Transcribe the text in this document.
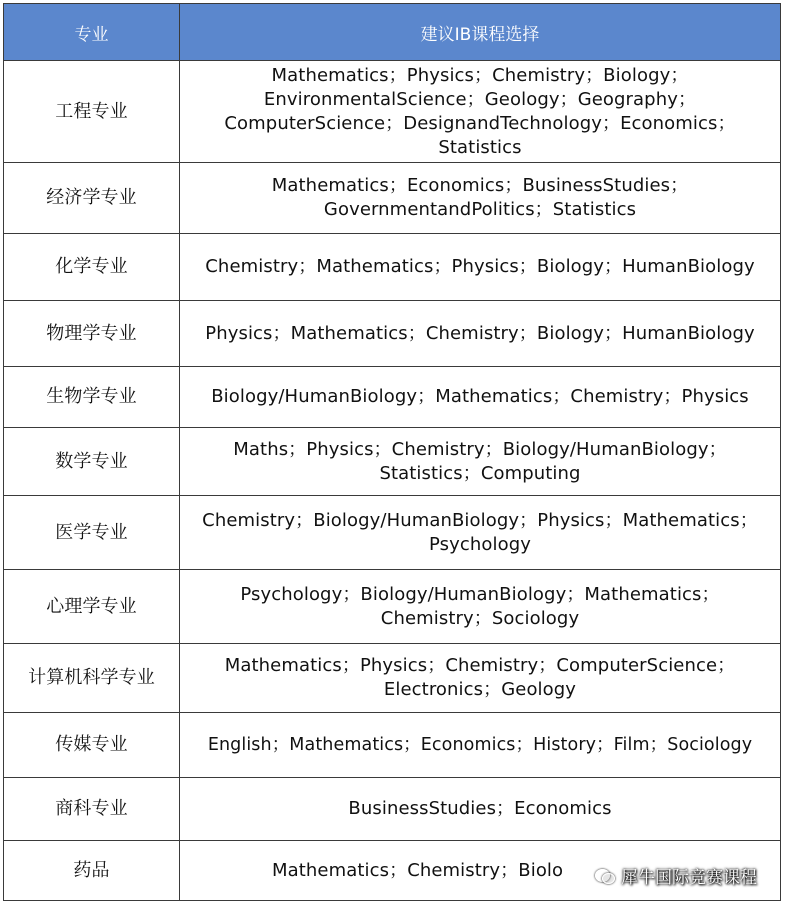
专业	建议IB课程选择
工程专业	Mathematics；Physics；Chemistry；Biology；EnvironmentalScience；Geology；Geography；ComputerScience；DesignandTechnology；Economics；Statistics
经济学专业	Mathematics；Economics；BusinessStudies；GovernmentandPolitics；Statistics
化学专业	Chemistry；Mathematics；Physics；Biology；HumanBiology
物理学专业	Physics；Mathematics；Chemistry；Biology；HumanBiology
生物学专业	Biology/HumanBiology；Mathematics；Chemistry；Physics
数学专业	Maths；Physics；Chemistry；Biology/HumanBiology；Statistics；Computing
医学专业	Chemistry；Biology/HumanBiology；Physics；Mathematics；Psychology
心理学专业	Psychology；Biology/HumanBiology；Mathematics；Chemistry；Sociology
计算机科学专业	Mathematics；Physics；Chemistry；ComputerScience；Electronics；Geology
传媒专业	English；Mathematics；Economics；History；Film；Sociology
商科专业	BusinessStudies；Economics
药品	Mathematics；Chemistry；Biolo	犀牛国际竞赛课程
